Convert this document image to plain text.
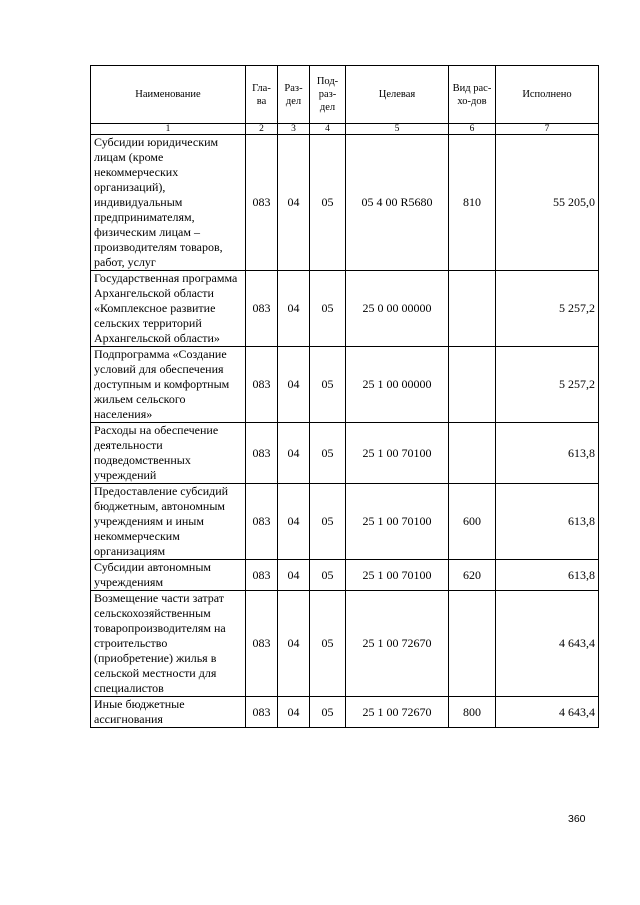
Наименование	Гла-ва	Раз-дел	Под-раз-дел	Целевая	Вид рас-хо-дов	Исполнено
1	2	3	4	5	6	7
Субсидии юридическим лицам (кроме некоммерческих организаций), индивидуальным предпринимателям, физическим лицам – производителям товаров, работ, услуг	083	04	05	05 4 00 R5680	810	55 205,0
Государственная программа Архангельской области «Комплексное развитие сельских территорий Архангельской области»	083	04	05	25 0 00 00000		5 257,2
Подпрограмма «Создание условий для обеспечения доступным и комфортным жильем сельского населения»	083	04	05	25 1 00 00000		5 257,2
Расходы на обеспечение деятельности подведомственных учреждений	083	04	05	25 1 00 70100		613,8
Предоставление субсидий бюджетным, автономным учреждениям и иным некоммерческим организациям	083	04	05	25 1 00 70100	600	613,8
Субсидии автономным учреждениям	083	04	05	25 1 00 70100	620	613,8
Возмещение части затрат сельскохозяйственным товаропроизводителям на строительство (приобретение) жилья в сельской местности для специалистов	083	04	05	25 1 00 72670		4 643,4
Иные бюджетные ассигнования	083	04	05	25 1 00 72670	800	4 643,4
360
